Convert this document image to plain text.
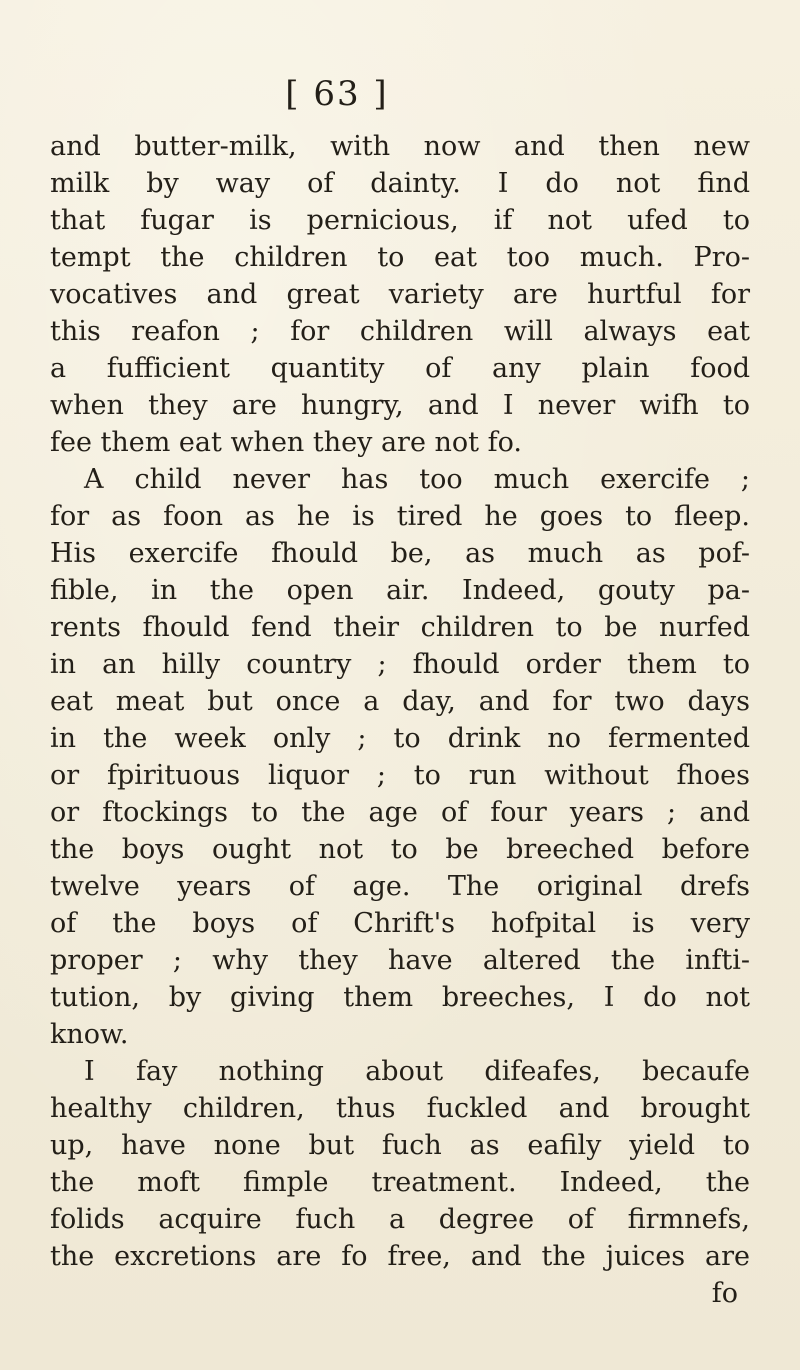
[ 63 ]
and butter-milk, with now and then new
milk by way of dainty. I do not find
that fugar is pernicious, if not ufed to
tempt the children to eat too much. Pro-
vocatives and great variety are hurtful for
this reafon ; for children will always eat
a fufficient quantity of any plain food
when they are hungry, and I never wifh to
fee them eat when they are not fo.
A child never has too much exercife ;
for as foon as he is tired he goes to fleep.
His exercife fhould be, as much as pof-
fible, in the open air. Indeed, gouty pa-
rents fhould fend their children to be nurfed
in an hilly country ; fhould order them to
eat meat but once a day, and for two days
in the week only ; to drink no fermented
or fpirituous liquor ; to run without fhoes
or ftockings to the age of four years ; and
the boys ought not to be breeched before
twelve years of age. The original drefs
of the boys of Chrift's hofpital is very
proper ; why they have altered the infti-
tution, by giving them breeches, I do not
know.
I fay nothing about difeafes, becaufe
healthy children, thus fuckled and brought
up, have none but fuch as eafily yield to
the moft fimple treatment. Indeed, the
folids acquire fuch a degree of firmnefs,
the excretions are fo free, and the juices are
fo
